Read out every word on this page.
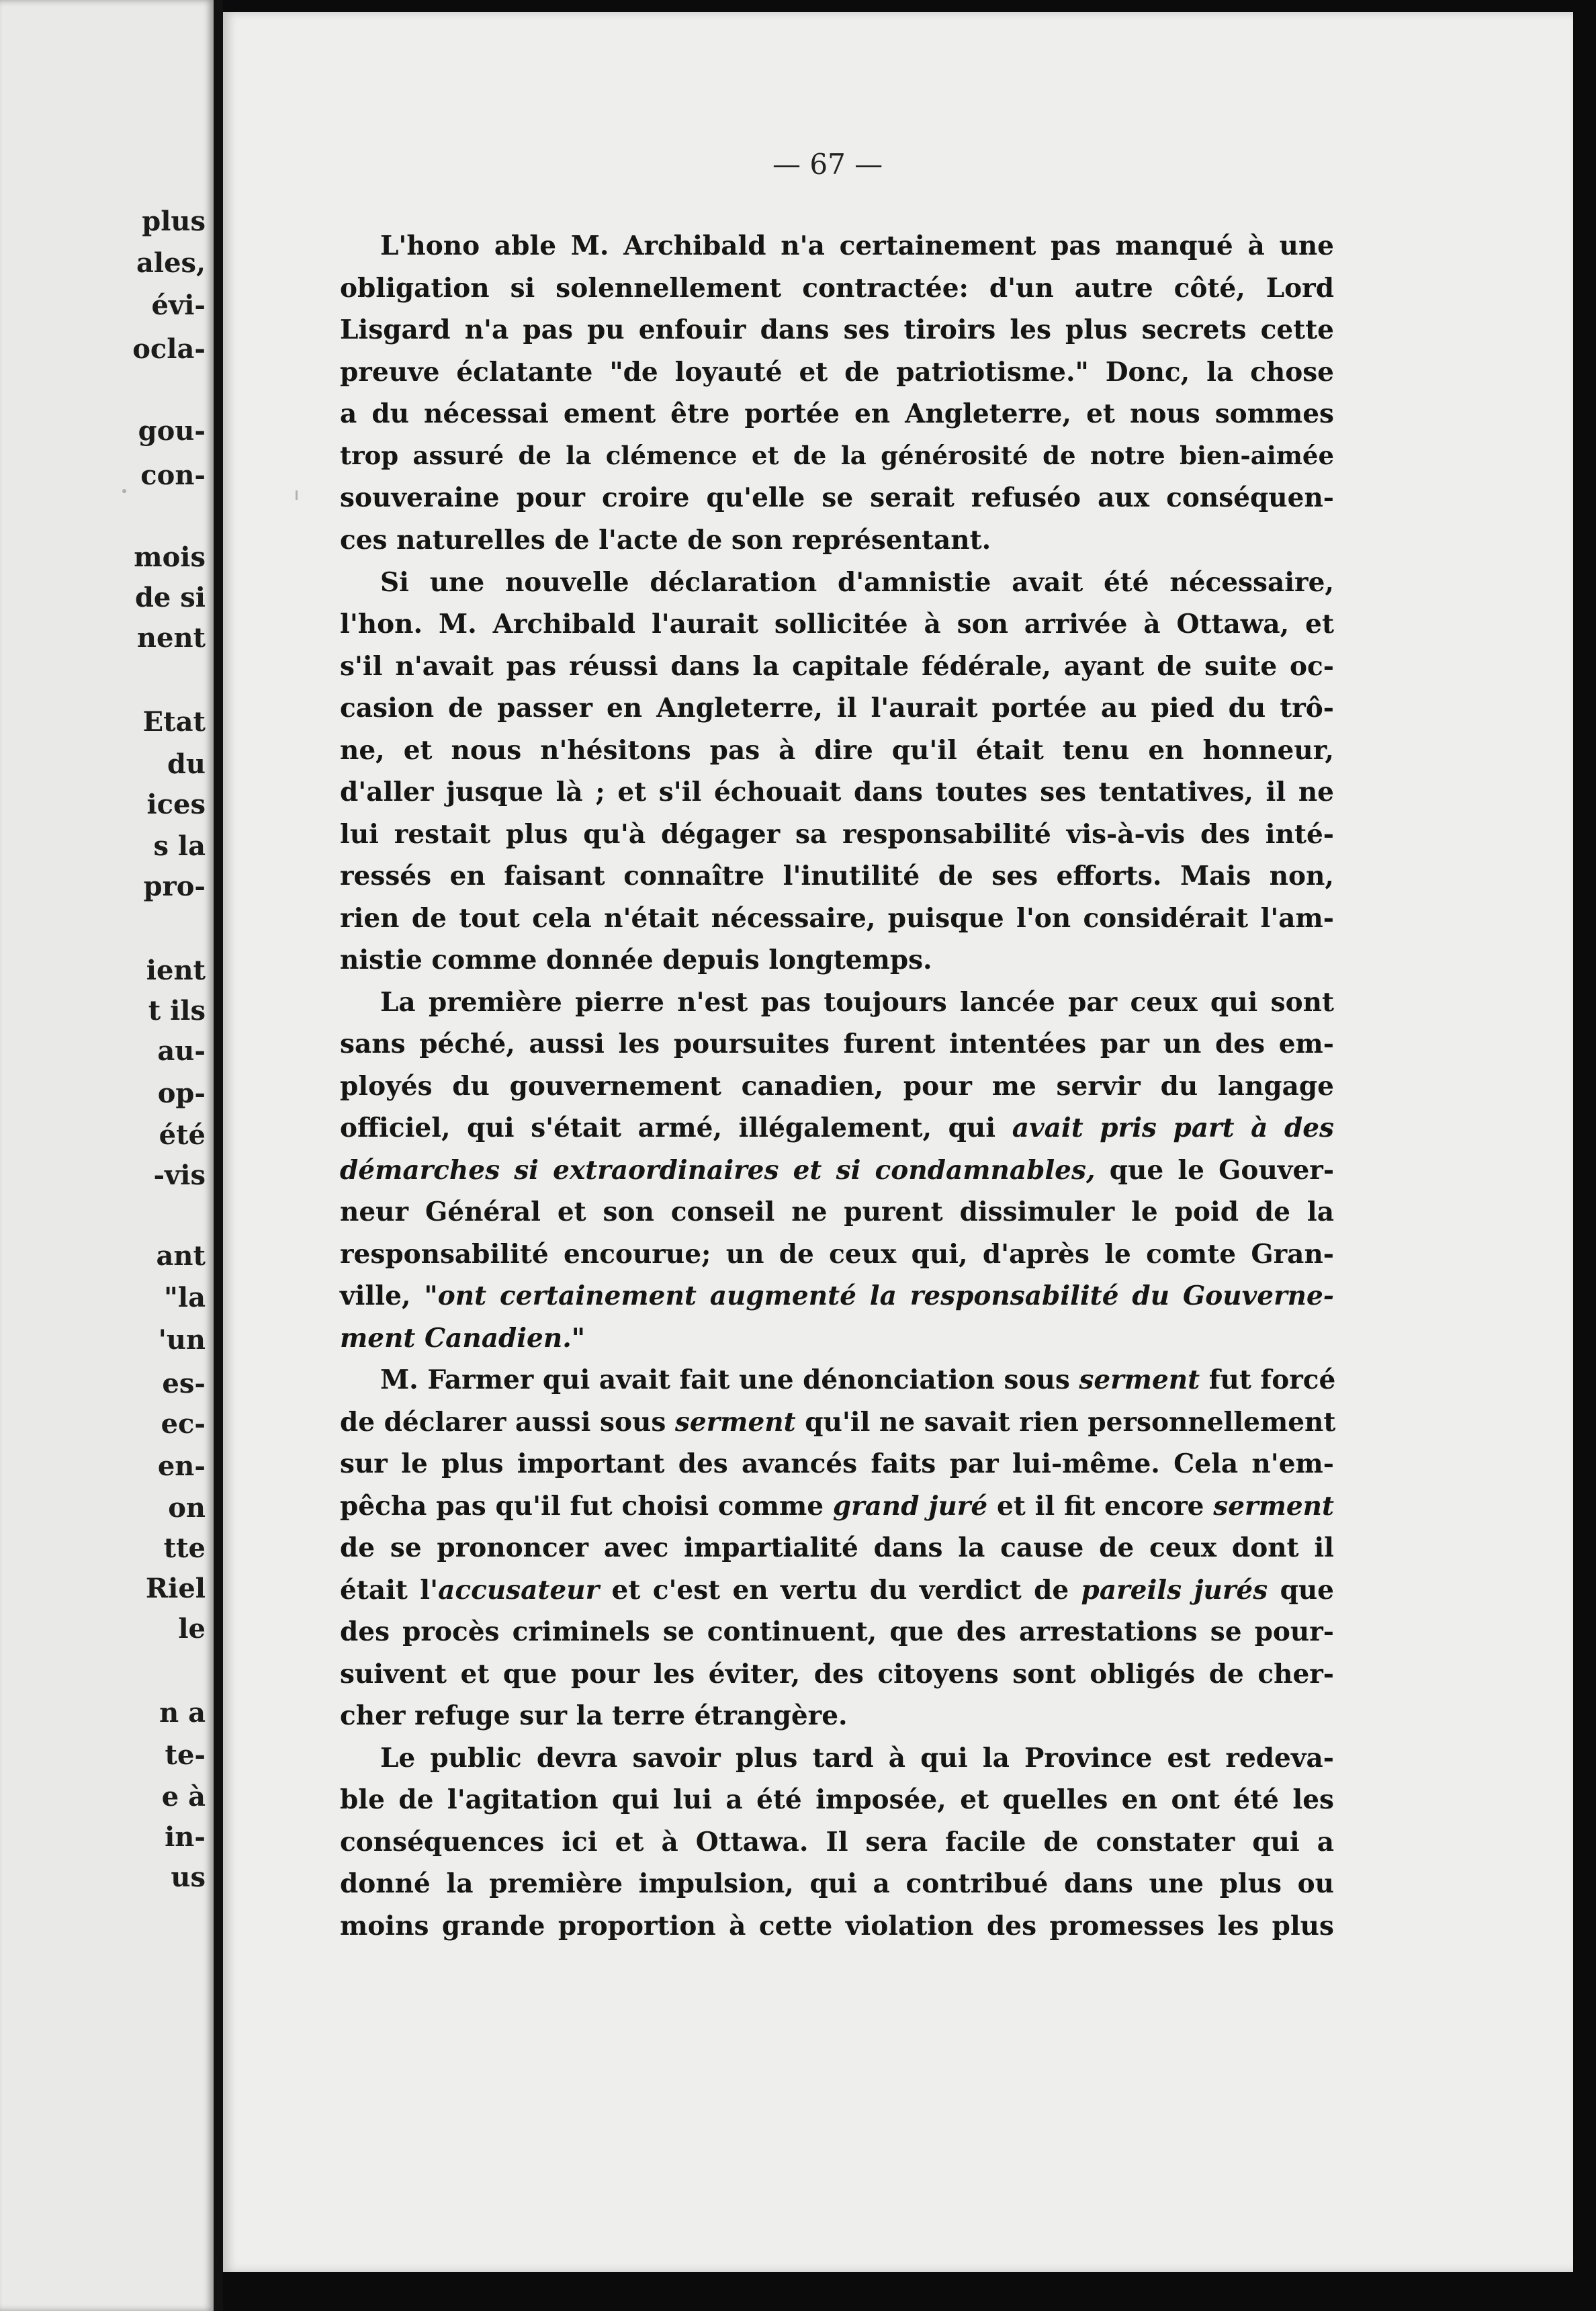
plus
ales,
évi-
ocla-
gou-
con-
mois
de si
nent
Etat
du
ices
s la
pro-
ient
t ils
au-
op-
été
-vis
ant
"la
'un
es-
ec-
en-
on
tte
Riel
le
n a
te-
e à
in-
us
— 67 —
L'hono able M. Archibald n'a certainement pas manqué à une
obligation si solennellement contractée: d'un autre côté, Lord
Lisgard n'a pas pu enfouir dans ses tiroirs les plus secrets cette
preuve éclatante "de loyauté et de patriotisme." Donc, la chose
a du nécessai ement être portée en Angleterre, et nous sommes
trop assuré de la clémence et de la générosité de notre bien-aimée
souveraine pour croire qu'elle se serait refuséo aux conséquen-
ces naturelles de l'acte de son représentant.
Si une nouvelle déclaration d'amnistie avait été nécessaire,
l'hon. M. Archibald l'aurait sollicitée à son arrivée à Ottawa, et
s'il n'avait pas réussi dans la capitale fédérale, ayant de suite oc-
casion de passer en Angleterre, il l'aurait portée au pied du trô-
ne, et nous n'hésitons pas à dire qu'il était tenu en honneur,
d'aller jusque là ; et s'il échouait dans toutes ses tentatives, il ne
lui restait plus qu'à dégager sa responsabilité vis-à-vis des inté-
ressés en faisant connaître l'inutilité de ses efforts. Mais non,
rien de tout cela n'était nécessaire, puisque l'on considérait l'am-
nistie comme donnée depuis longtemps.
La première pierre n'est pas toujours lancée par ceux qui sont
sans péché, aussi les poursuites furent intentées par un des em-
ployés du gouvernement canadien, pour me servir du langage
officiel, qui s'était armé, illégalement, qui avait pris part à des
démarches si extraordinaires et si condamnables, que le Gouver-
neur Général et son conseil ne purent dissimuler le poid de la
responsabilité encourue; un de ceux qui, d'après le comte Gran-
ville, "ont certainement augmenté la responsabilité du Gouverne-
ment Canadien."
M. Farmer qui avait fait une dénonciation sous serment fut forcé
de déclarer aussi sous serment qu'il ne savait rien personnellement
sur le plus important des avancés faits par lui-même. Cela n'em-
pêcha pas qu'il fut choisi comme grand juré et il fit encore serment
de se prononcer avec impartialité dans la cause de ceux dont il
était l'accusateur et c'est en vertu du verdict de pareils jurés que
des procès criminels se continuent, que des arrestations se pour-
suivent et que pour les éviter, des citoyens sont obligés de cher-
cher refuge sur la terre étrangère.
Le public devra savoir plus tard à qui la Province est redeva-
ble de l'agitation qui lui a été imposée, et quelles en ont été les
conséquences ici et à Ottawa. Il sera facile de constater qui a
donné la première impulsion, qui a contribué dans une plus ou
moins grande proportion à cette violation des promesses les plus
